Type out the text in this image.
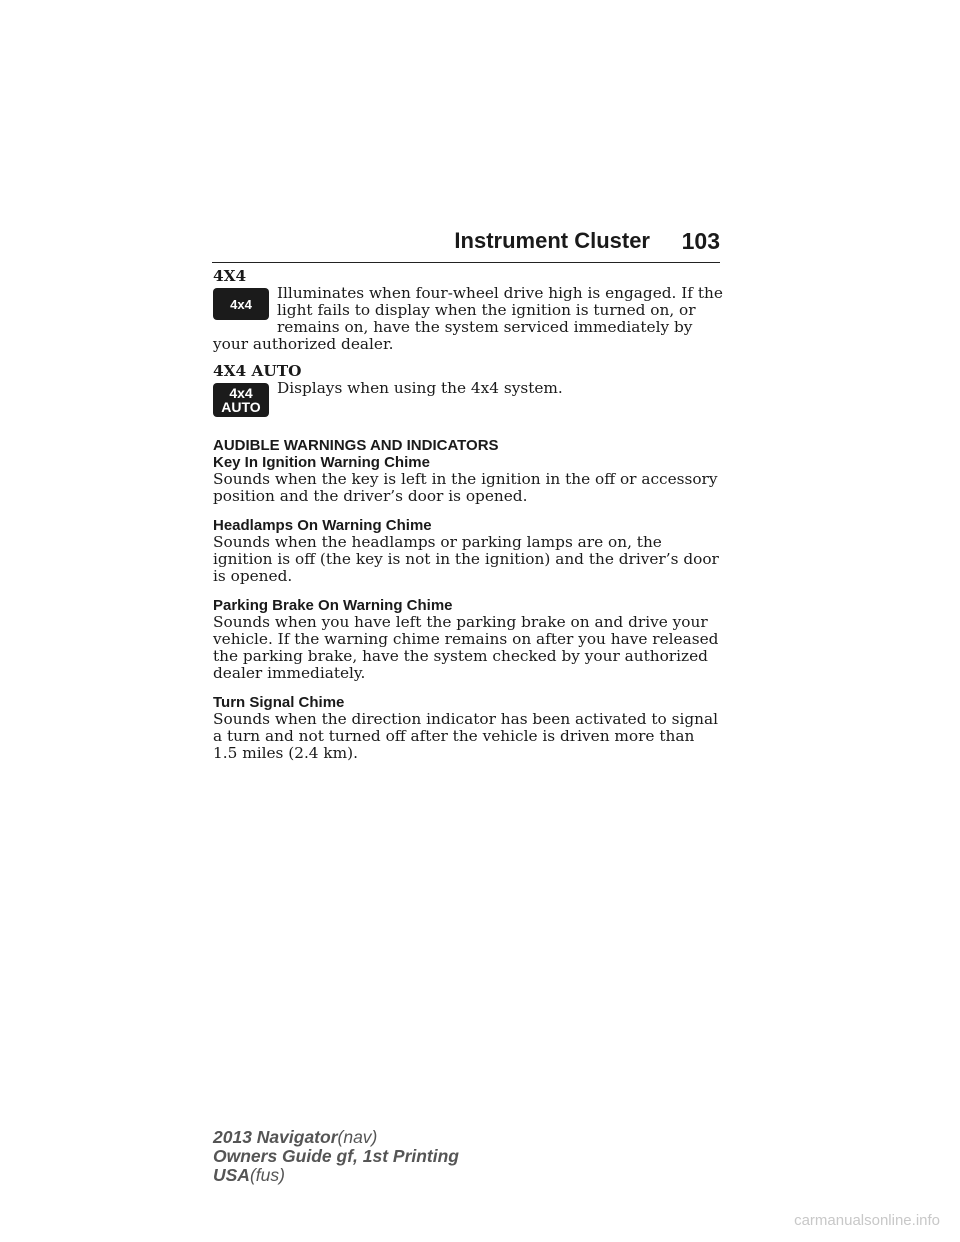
Instrument Cluster 103

4X4

4x4

Illuminates when four-wheel drive high is engaged. If the light fails to display when the ignition is turned on, or remains on, have the system serviced immediately by your authorized dealer.

4X4 AUTO

4x4
AUTO

Displays when using the 4x4 system.

AUDIBLE WARNINGS AND INDICATORS

Key In Ignition Warning Chime

Sounds when the key is left in the ignition in the off or accessory position and the driver’s door is opened.

Headlamps On Warning Chime

Sounds when the headlamps or parking lamps are on, the ignition is off (the key is not in the ignition) and the driver’s door is opened.

Parking Brake On Warning Chime

Sounds when you have left the parking brake on and drive your vehicle. If the warning chime remains on after you have released the parking brake, have the system checked by your authorized dealer immediately.

Turn Signal Chime

Sounds when the direction indicator has been activated to signal a turn and not turned off after the vehicle is driven more than 1.5 miles (2.4 km).

2013 Navigator(nav)
Owners Guide gf, 1st Printing
USA(fus)
carmanualsonline.info
